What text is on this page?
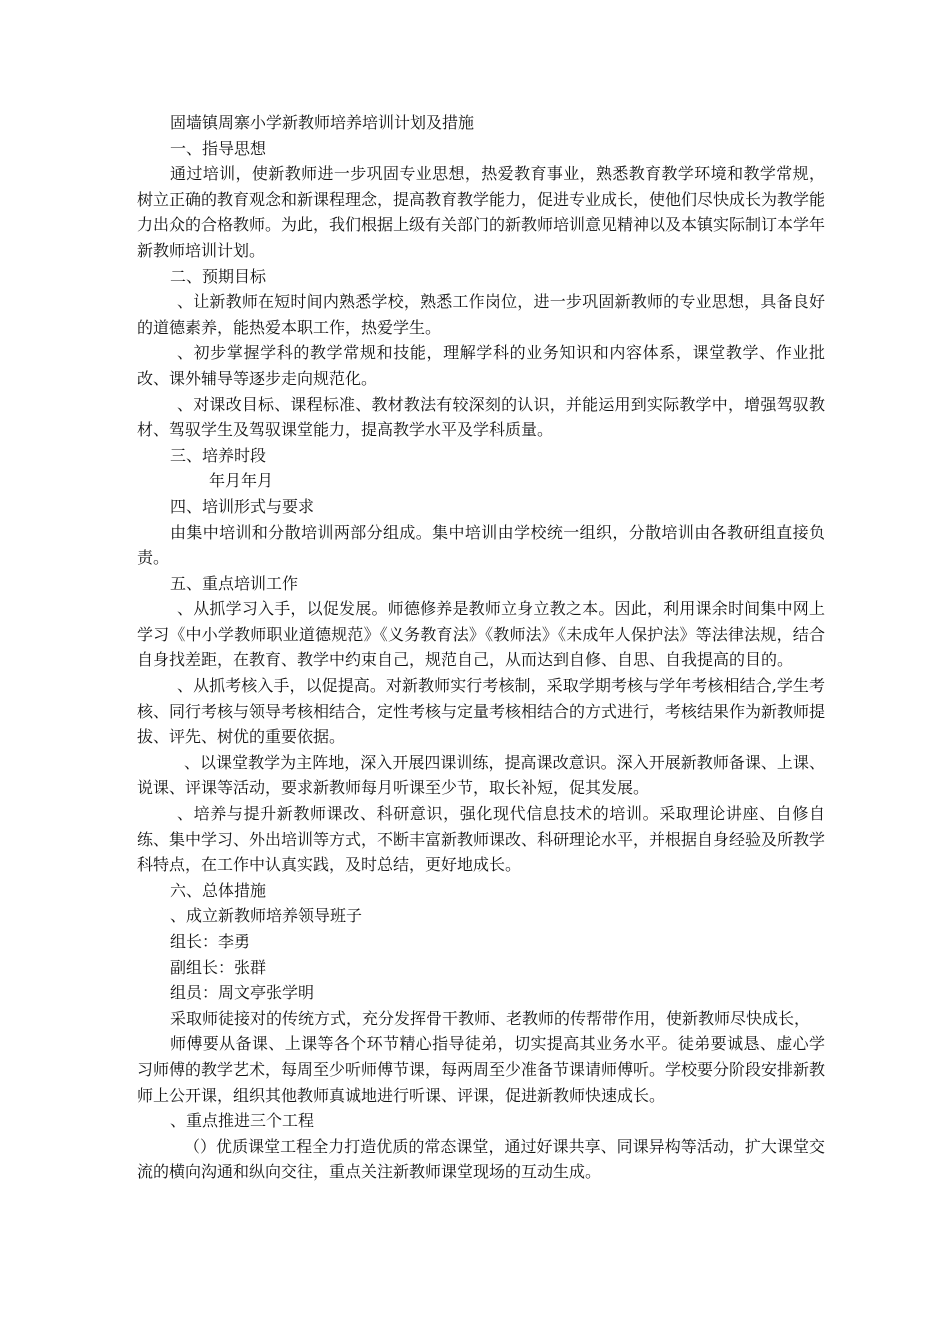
固墙镇周寨小学新教师培养培训计划及措施

一、指导思想

通过培训，使新教师进一步巩固专业思想，热爱教育事业，熟悉教育教学环境和教学常规，树立正确的教育观念和新课程理念，提高教育教学能力，促进专业成长，使他们尽快成长为教学能力出众的合格教师。为此，我们根据上级有关部门的新教师培训意见精神以及本镇实际制订本学年新教师培训计划。

二、预期目标

、让新教师在短时间内熟悉学校，熟悉工作岗位，进一步巩固新教师的专业思想，具备良好的道德素养，能热爱本职工作，热爱学生。

、初步掌握学科的教学常规和技能，理解学科的业务知识和内容体系，课堂教学、作业批改、课外辅导等逐步走向规范化。

、对课改目标、课程标准、教材教法有较深刻的认识，并能运用到实际教学中，增强驾驭教材、驾驭学生及驾驭课堂能力，提高教学水平及学科质量。

三、培养时段

年月年月

四、培训形式与要求

由集中培训和分散培训两部分组成。集中培训由学校统一组织，分散培训由各教研组直接负责。

五、重点培训工作

、从抓学习入手，以促发展。师德修养是教师立身立教之本。因此，利用课余时间集中网上学习《中小学教师职业道德规范》《义务教育法》《教师法》《未成年人保护法》等法律法规，结合自身找差距，在教育、教学中约束自己，规范自己，从而达到自修、自思、自我提高的目的。

、从抓考核入手，以促提高。对新教师实行考核制，采取学期考核与学年考核相结合,学生考核、同行考核与领导考核相结合，定性考核与定量考核相结合的方式进行，考核结果作为新教师提拔、评先、树优的重要依据。

、以课堂教学为主阵地，深入开展四课训练，提高课改意识。深入开展新教师备课、上课、说课、评课等活动，要求新教师每月听课至少节，取长补短，促其发展。

、培养与提升新教师课改、科研意识，强化现代信息技术的培训。采取理论讲座、自修自练、集中学习、外出培训等方式，不断丰富新教师课改、科研理论水平，并根据自身经验及所教学科特点，在工作中认真实践，及时总结，更好地成长。

六、总体措施

、成立新教师培养领导班子

组长：李勇

副组长：张群

组员：周文亭张学明

采取师徒接对的传统方式，充分发挥骨干教师、老教师的传帮带作用，使新教师尽快成长，

师傅要从备课、上课等各个环节精心指导徒弟，切实提高其业务水平。徒弟要诚恳、虚心学习师傅的教学艺术，每周至少听师傅节课，每两周至少准备节课请师傅听。学校要分阶段安排新教师上公开课，组织其他教师真诚地进行听课、评课，促进新教师快速成长。

、重点推进三个工程

（）优质课堂工程全力打造优质的常态课堂，通过好课共享、同课异构等活动，扩大课堂交流的横向沟通和纵向交往，重点关注新教师课堂现场的互动生成。
